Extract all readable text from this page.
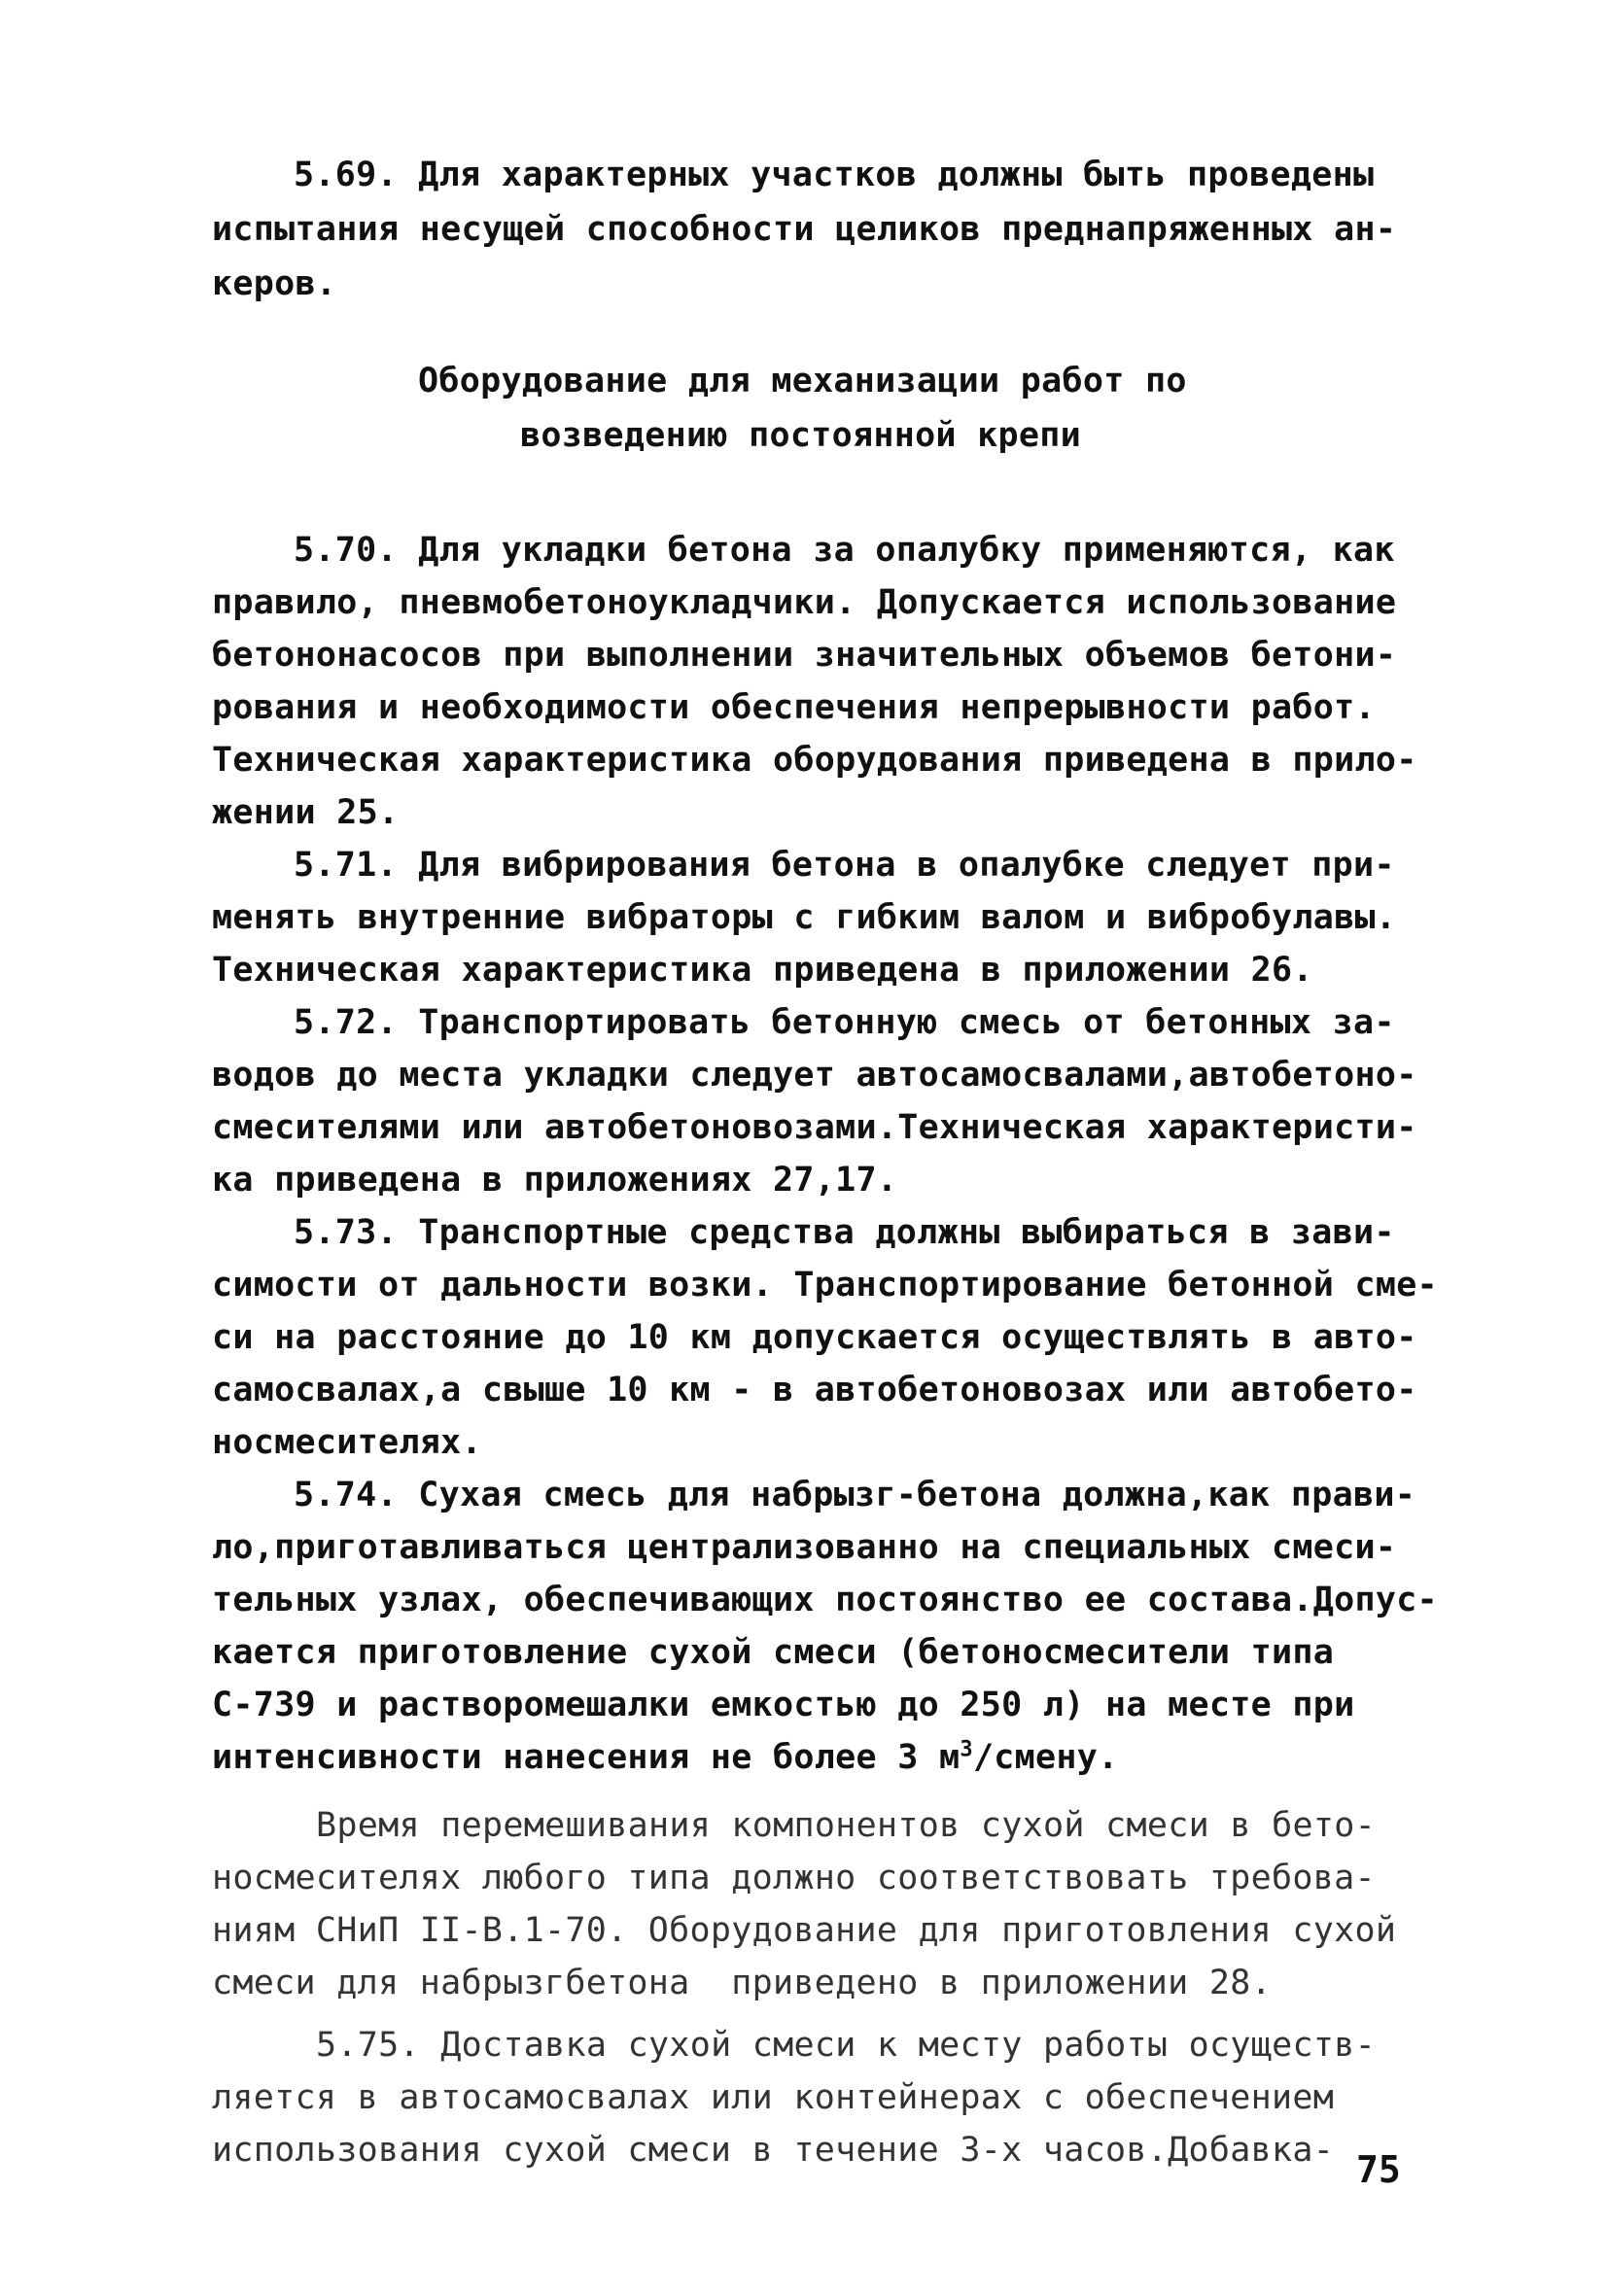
5.69. Для характерных участков должны быть проведены
испытания несущей способности целиков преднапряженных ан-
керов.
Оборудование для механизации работ по
возведению постоянной крепи
5.70. Для укладки бетона за опалубку применяются, как
правило, пневмобетоноукладчики. Допускается использование
бетононасосов при выполнении значительных объемов бетони-
рования и необходимости обеспечения непрерывности работ.
Техническая характеристика оборудования приведена в прило-
жении 25.
5.71. Для вибрирования бетона в опалубке следует при-
менять внутренние вибраторы с гибким валом и вибробулавы.
Техническая характеристика приведена в приложении 26.
5.72. Транспортировать бетонную смесь от бетонных за-
водов до места укладки следует автосамосвалами,автобетоно-
смесителями или автобетоновозами.Техническая характеристи-
ка приведена в приложениях 27,17.
5.73. Транспортные средства должны выбираться в зави-
симости от дальности возки. Транспортирование бетонной сме-
си на расстояние до 10 км допускается осуществлять в авто-
самосвалах,а свыше 10 км - в автобетоновозах или автобето-
носмесителях.
5.74. Сухая смесь для набрызг-бетона должна,как прави-
ло,приготавливаться централизованно на специальных смеси-
тельных узлах, обеспечивающих постоянство ее состава.Допус-
кается приготовление сухой смеси (бетоносмесители типа
С-739 и растворомешалки емкостью до 250 л) на месте при
интенсивности нанесения не более 3 $м^3$/смену.
Время перемешивания компонентов сухой смеси в бето-
носмесителях любого типа должно соответствовать требова-
ниям СНиП II-В.1-70. Оборудование для приготовления сухой
смеси для набрызгбетона  приведено в приложении 28.
5.75. Доставка сухой смеси к месту работы осуществ-
ляется в автосамосвалах или контейнерах с обеспечением
использования сухой смеси в течение 3-х часов.Добавка- 75
